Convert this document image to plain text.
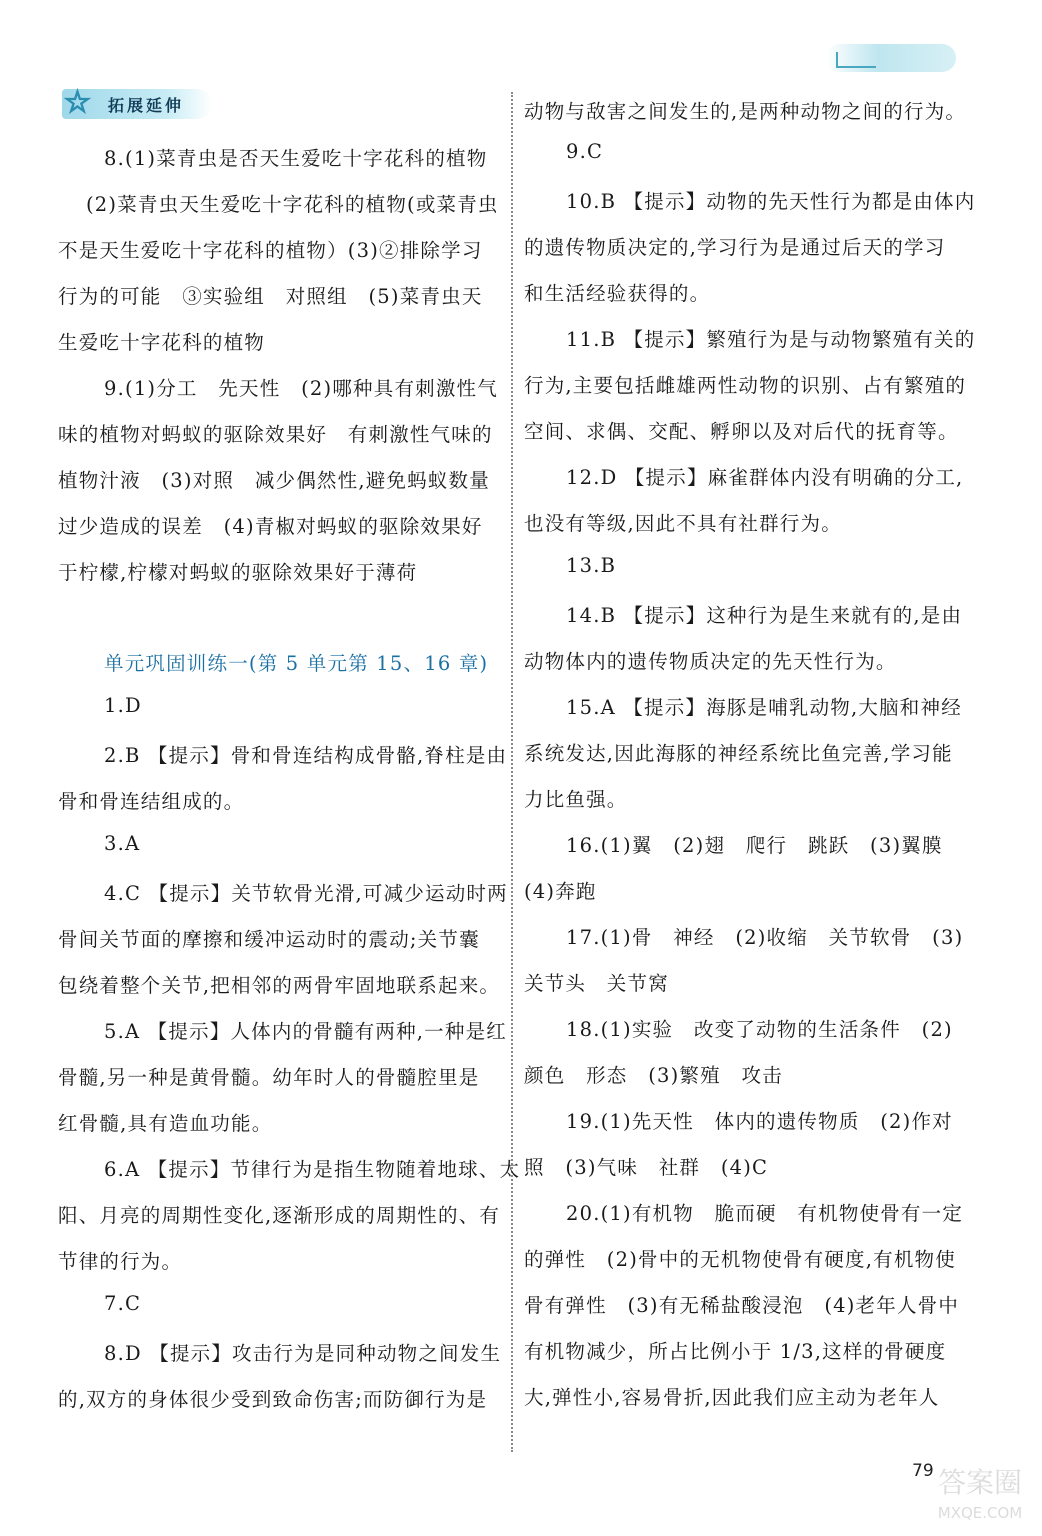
☆ 拓展延伸
8.(1)菜青虫是否天生爱吃十字花科的植物
(2)菜青虫天生爱吃十字花科的植物(或菜青虫
不是天生爱吃十字花科的植物）(3)②排除学习
行为的可能　③实验组　对照组　(5)菜青虫天
生爱吃十字花科的植物
9.(1)分工　先天性　(2)哪种具有刺激性气
味的植物对蚂蚁的驱除效果好　有刺激性气味的
植物汁液　(3)对照　减少偶然性,避免蚂蚁数量
过少造成的误差　(4)青椒对蚂蚁的驱除效果好
于柠檬,柠檬对蚂蚁的驱除效果好于薄荷
单元巩固训练一(第 5 单元第 15、16 章)
1.D
2.B 【提示】骨和骨连结构成骨骼,脊柱是由
骨和骨连结组成的。
3.A
4.C 【提示】关节软骨光滑,可减少运动时两
骨间关节面的摩擦和缓冲运动时的震动;关节囊
包绕着整个关节,把相邻的两骨牢固地联系起来。
5.A 【提示】人体内的骨髓有两种,一种是红
骨髓,另一种是黄骨髓。幼年时人的骨髓腔里是
红骨髓,具有造血功能。
6.A 【提示】节律行为是指生物随着地球、太
阳、月亮的周期性变化,逐渐形成的周期性的、有
节律的行为。
7.C
8.D 【提示】攻击行为是同种动物之间发生
的,双方的身体很少受到致命伤害;而防御行为是
动物与敌害之间发生的,是两种动物之间的行为。
9.C
10.B 【提示】动物的先天性行为都是由体内
的遗传物质决定的,学习行为是通过后天的学习
和生活经验获得的。
11.B 【提示】繁殖行为是与动物繁殖有关的
行为,主要包括雌雄两性动物的识别、占有繁殖的
空间、求偶、交配、孵卵以及对后代的抚育等。
12.D 【提示】麻雀群体内没有明确的分工,
也没有等级,因此不具有社群行为。
13.B
14.B 【提示】这种行为是生来就有的,是由
动物体内的遗传物质决定的先天性行为。
15.A 【提示】海豚是哺乳动物,大脑和神经
系统发达,因此海豚的神经系统比鱼完善,学习能
力比鱼强。
16.(1)翼　(2)翅　爬行　跳跃　(3)翼膜
(4)奔跑
17.(1)骨　神经　(2)收缩　关节软骨　(3)
关节头　关节窝
18.(1)实验　改变了动物的生活条件　(2)
颜色　形态　(3)繁殖　攻击
19.(1)先天性　体内的遗传物质　(2)作对
照　(3)气味　社群　(4)C
20.(1)有机物　脆而硬　有机物使骨有一定
的弹性　(2)骨中的无机物使骨有硬度,有机物使
骨有弹性　(3)有无稀盐酸浸泡　(4)老年人骨中
有机物减少，所占比例小于 1/3,这样的骨硬度
大,弹性小,容易骨折,因此我们应主动为老年人
79 答案圈
MXQE.COM
